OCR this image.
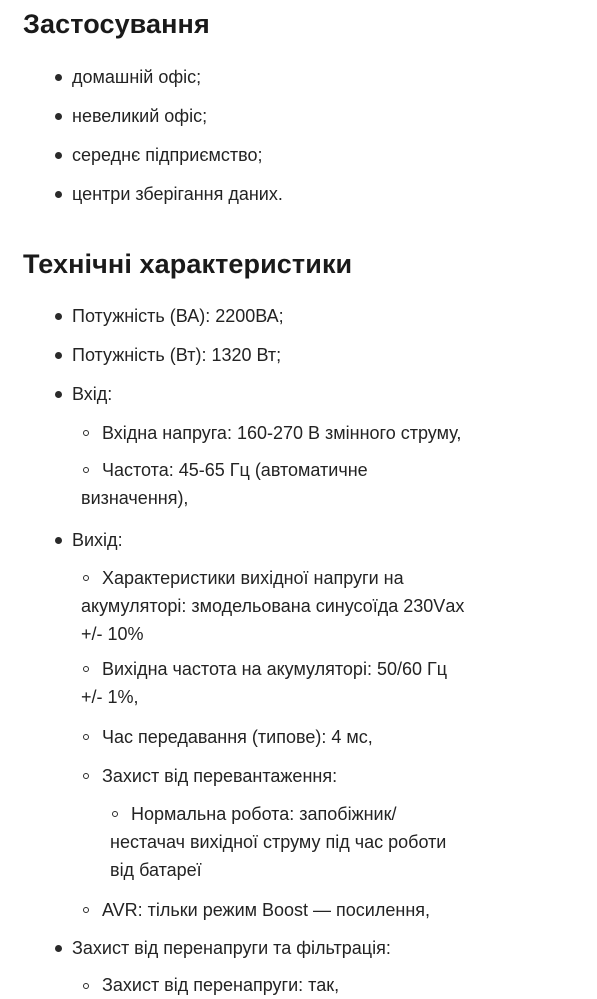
Застосування

домашній офіс;

невеликий офіс;

середнє підприємство;

центри зберігання даних.

Технічні характеристики

Потужність (ВА): 2200ВА;

Потужність (Вт): 1320 Вт;

Вхід:

Вхідна напруга: 160-270 В змінного струму,

Частота: 45-65 Гц (автоматичне

визначення),

Вихід:

Характеристики вихідної напруги на

акумуляторі: змодельована синусоїда 230Vах

+/- 10%

Вихідна частота на акумуляторі: 50/60 Гц

+/- 1%,

Час передавання (типове): 4 мс,

Захист від перевантаження:

Нормальна робота: запобіжник/

нестачач вихідної струму під час роботи

від батареї

AVR: тільки режим Boost — посилення,

Захист від перенапруги та фільтрація:

Захист від перенапруги: так,
